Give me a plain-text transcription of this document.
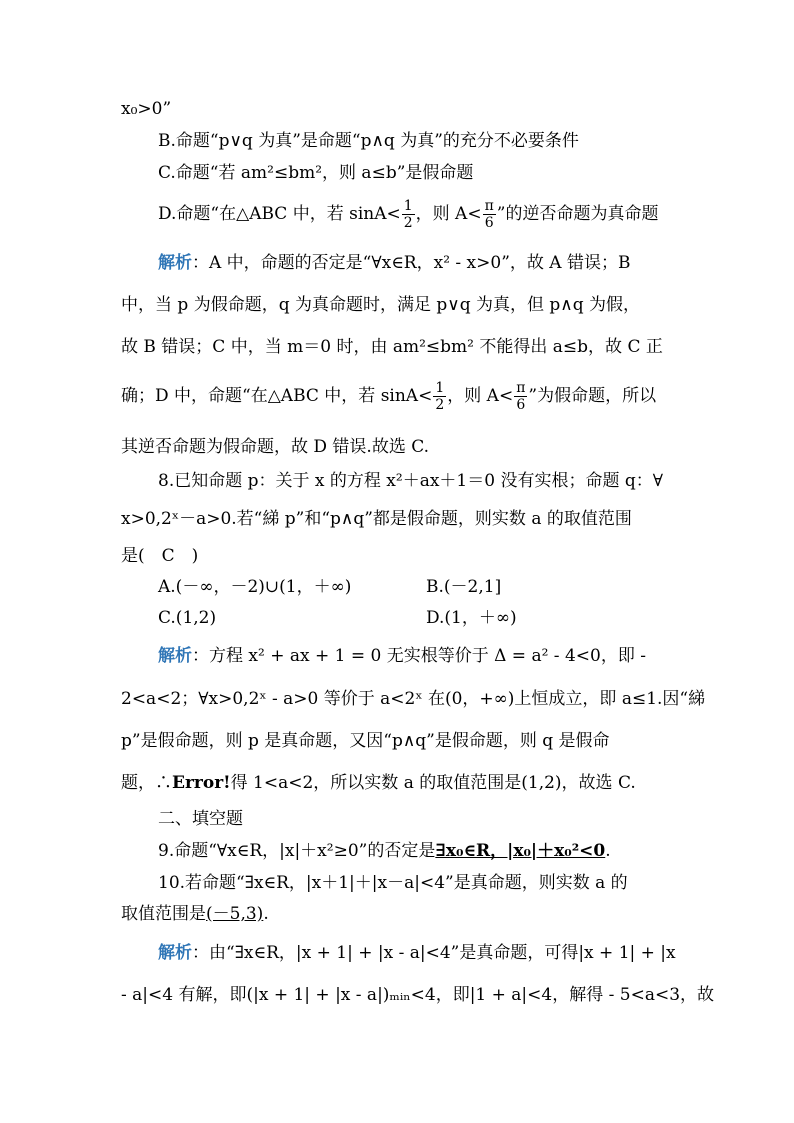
x₀>0”
B.命题“p∨q 为真”是命题“p∧q 为真”的充分不必要条件
C.命题“若 am²≤bm²，则 a≤b”是假命题
D.命题“在△ABC 中，若 $\sin A< \frac{1}{2}$ ，则 $A< \frac{\pi}{6}$ ”的逆否命题为真命题
解析：A 中，命题的否定是“∀x∈R，x² - x>0”，故 A 错误；B
中，当 p 为假命题，q 为真命题时，满足 p∨q 为真，但 p∧q 为假，
故 B 错误；C 中，当 m＝0 时，由 am²≤bm² 不能得出 a≤b，故 C 正
确；D 中，命题“在△ABC 中，若 $\sin A< \frac{1}{2}$ ，则 $A< \frac{\pi}{6}$ ”为假命题，所以
其逆否命题为假命题，故 D 错误.故选 C.
8.已知命题 p：关于 x 的方程 x²＋ax＋1＝0 没有实根；命题 q：∀
x>0,2ˣ－a>0.若“綈 p”和“p∧q”都是假命题，则实数 a 的取值范围
是(　C　)
A.(－∞，－2)∪(1，＋∞)	B.(－2,1]
C.(1,2)	D.(1，＋∞)
解析：方程 x² + ax + 1 = 0 无实根等价于 Δ = a² - 4<0，即 -
2<a<2；∀x>0,2ˣ - a>0 等价于 a<2ˣ 在(0，+∞)上恒成立，即 a≤1.因“綈
p”是假命题，则 p 是真命题，又因“p∧q”是假命题，则 q 是假命
题，∴Error!得 1<a<2，所以实数 a 的取值范围是(1,2)，故选 C.
二、填空题
9.命题“∀x∈R，|x|＋x²≥0”的否定是∃x₀∈R，|x₀|＋x₀²<0.
10.若命题“∃x∈R，|x＋1|＋|x－a|<4”是真命题，则实数 a 的
取值范围是(－5,3).
解析：由“∃x∈R，|x + 1| + |x - a|<4”是真命题，可得|x + 1| + |x
- a|<4 有解，即(|x + 1| + |x - a|)ₘᵢₙ<4，即|1 + a|<4，解得 - 5<a<3，故
